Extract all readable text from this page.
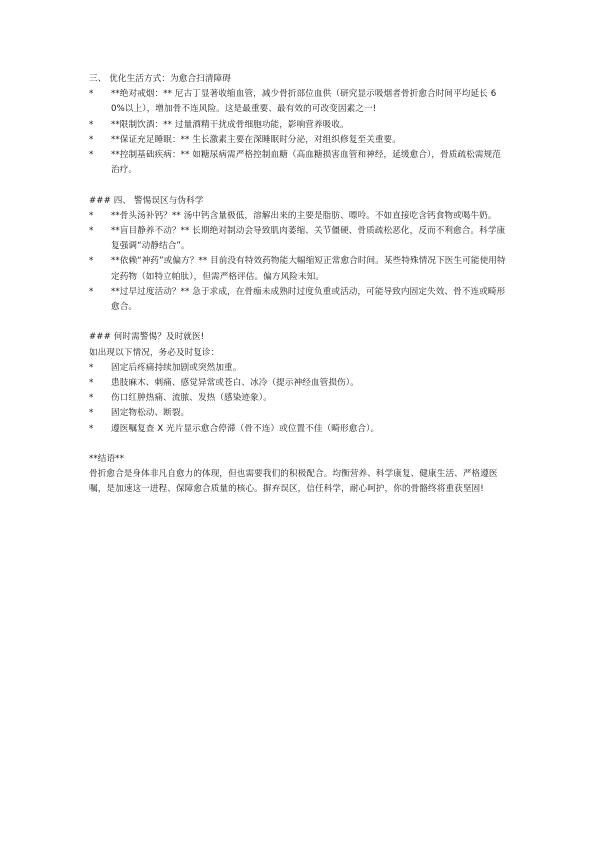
三、 优化生活方式：为愈合扫清障碍
*	**绝对戒烟：** 尼古丁显著收缩血管，减少骨折部位血供（研究显示吸烟者骨折愈合时间平均延长 60%以上），增加骨不连风险。这是最重要、最有效的可改变因素之一!
*	**限制饮酒：** 过量酒精干扰成骨细胞功能，影响营养吸收。
*	**保证充足睡眠：** 生长激素主要在深睡眠时分泌，对组织修复至关重要。
*	**控制基础疾病：** 如糖尿病需严格控制血糖（高血糖损害血管和神经，延缓愈合），骨质疏松需规范治疗。
### 四、 警惕误区与伪科学
*	**骨头汤补钙？** 汤中钙含量极低，溶解出来的主要是脂肪、嘌呤。不如直接吃含钙食物或喝牛奶。
*	**盲目静养不动？** 长期绝对制动会导致肌肉萎缩、关节僵硬、骨质疏松恶化，反而不利愈合。科学康复强调“动静结合”。
*	**依赖“神药”或偏方？** 目前没有特效药物能大幅缩短正常愈合时间。某些特殊情况下医生可能使用特定药物（如特立帕肽），但需严格评估。偏方风险未知。
*	**过早过度活动？** 急于求成，在骨痂未成熟时过度负重或活动，可能导致内固定失效、骨不连或畸形愈合。
### 何时需警惕？及时就医!
如出现以下情况，务必及时复诊：
*	固定后疼痛持续加剧或突然加重。
*	患肢麻木、刺痛、感觉异常或苍白、冰冷（提示神经血管损伤）。
*	伤口红肿热痛、流脓、发热（感染迹象）。
*	固定物松动、断裂。
*	遵医嘱复查 X 光片显示愈合停滞（骨不连）或位置不佳（畸形愈合）。
**结语**
骨折愈合是身体非凡自愈力的体现，但也需要我们的积极配合。均衡营养、科学康复、健康生活、严格遵医嘱，是加速这一进程、保障愈合质量的核心。摒弃误区，信任科学，耐心呵护，你的骨骼终将重获坚固!
